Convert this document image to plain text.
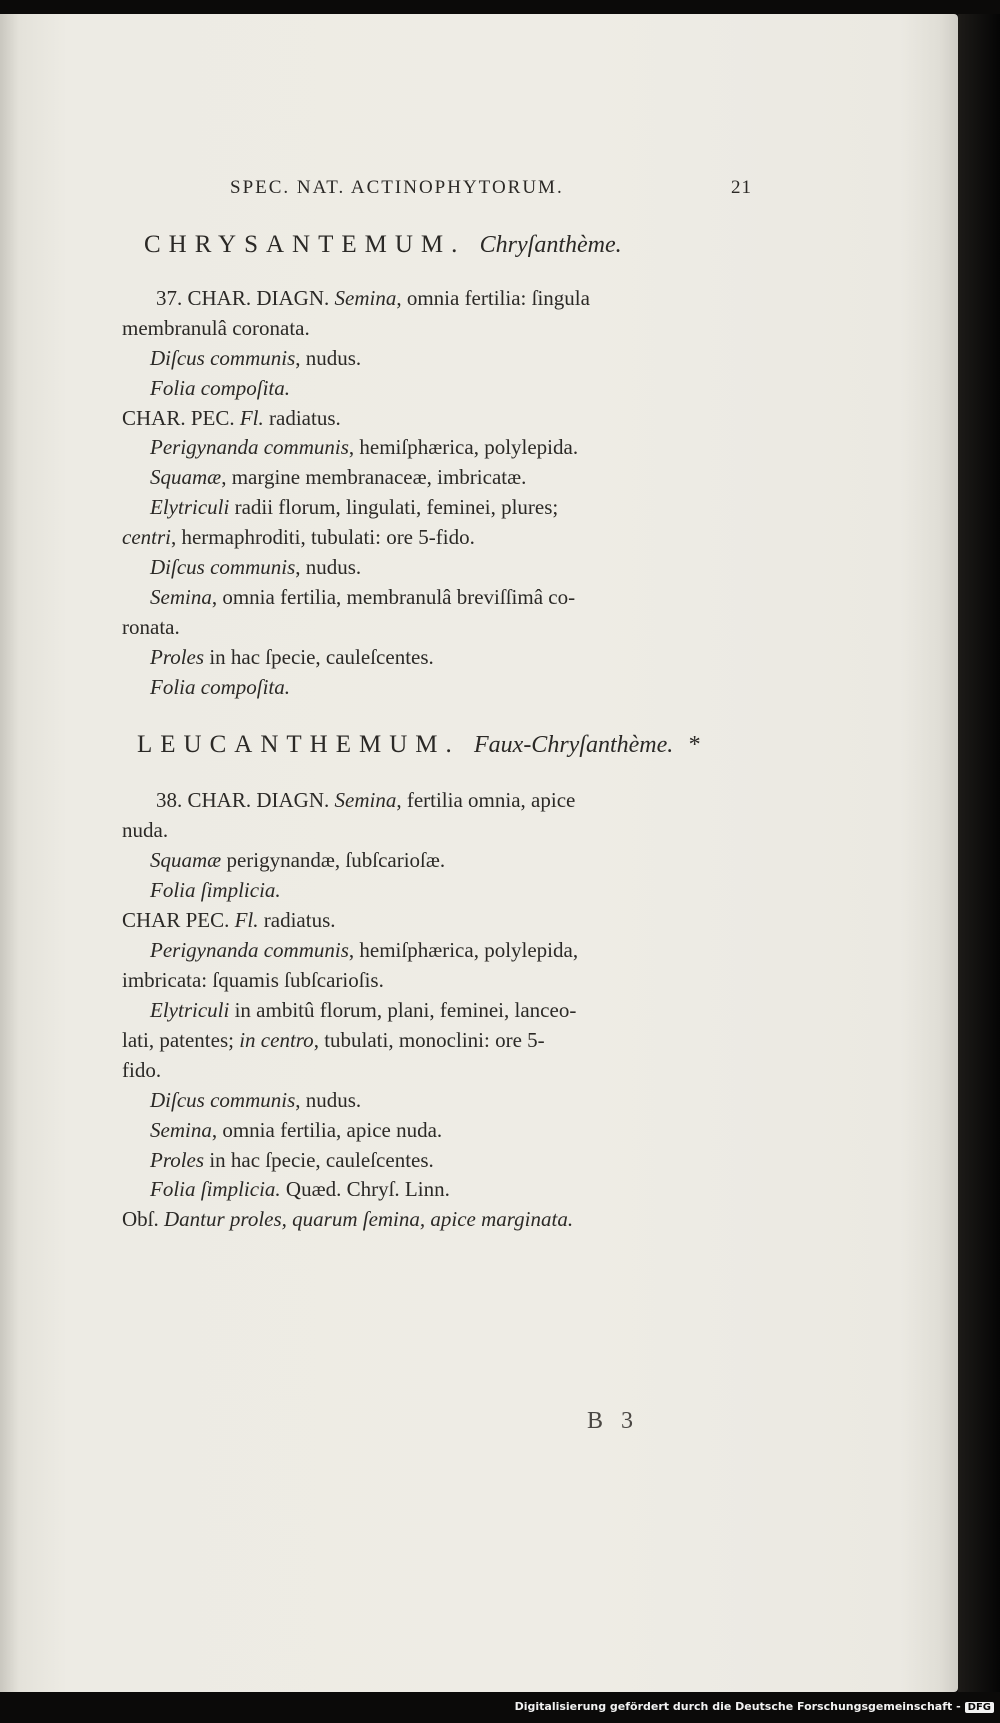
SPEC. NAT. ACTINOPHYTORUM.	21
CHRYSANTEMUM. Chryſanthème.
37. CHAR. DIAGN. Semina, omnia fertilia: ſingula
membranulâ coronata.
Diſcus communis, nudus.
Folia compoſita.
CHAR. PEC. Fl. radiatus.
Perigynanda communis, hemiſphærica, polylepida.
Squamæ, margine membranaceæ, imbricatæ.
Elytriculi radii florum, lingulati, feminei, plures;
centri, hermaphroditi, tubulati: ore 5-fido.
Diſcus communis, nudus.
Semina, omnia fertilia, membranulâ breviſſimâ co-
ronata.
Proles in hac ſpecie, cauleſcentes.
Folia compoſita.
LEUCANTHEMUM. Faux-Chryſanthème. *
38. CHAR. DIAGN. Semina, fertilia omnia, apice
nuda.
Squamæ perigynandæ, ſubſcarioſæ.
Folia ſimplicia.
CHAR PEC. Fl. radiatus.
Perigynanda communis, hemiſphærica, polylepida,
imbricata: ſquamis ſubſcarioſis.
Elytriculi in ambitû florum, plani, feminei, lanceo-
lati, patentes; in centro, tubulati, monoclini: ore 5-
fido.
Diſcus communis, nudus.
Semina, omnia fertilia, apice nuda.
Proles in hac ſpecie, cauleſcentes.
Folia ſimplicia. Quæd. Chryſ. Linn.
Obſ. Dantur proles, quarum ſemina, apice marginata.
B 3
Digitalisierung gefördert durch die Deutsche Forschungsgemeinschaft - DFG
